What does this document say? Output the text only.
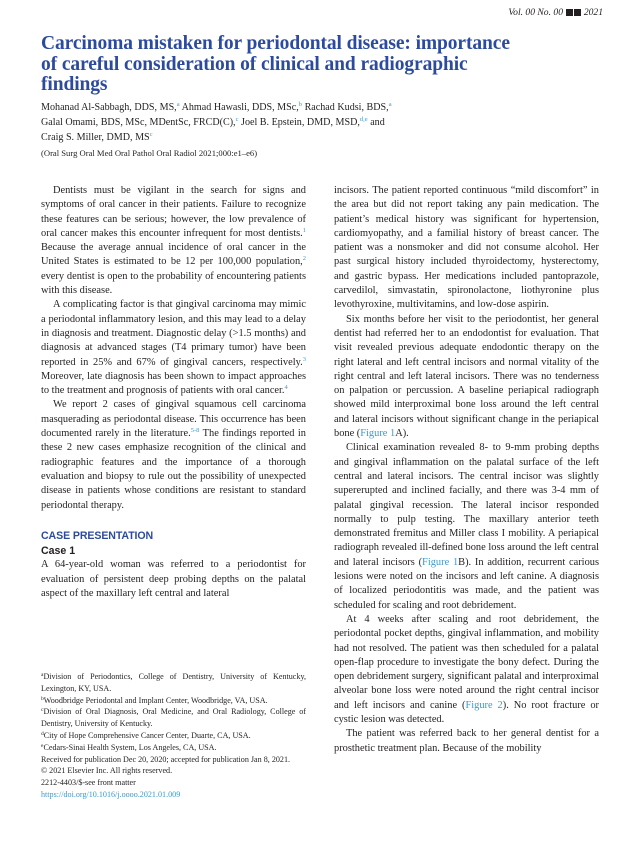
Vol. 00 No. 00 2021
Carcinoma mistaken for periodontal disease: importance of careful consideration of clinical and radiographic findings
Mohanad Al-Sabbagh, DDS, MS,$^a$ Ahmad Hawasli, DDS, MSc,$^b$ Rachad Kudsi, BDS,$^a$
Galal Omami, BDS, MSc, MDentSc, FRCD(C),$^c$ Joel B. Epstein, DMD, MSD,$^{d,e}$ and
Craig S. Miller, DMD, $MS^c$
(Oral Surg Oral Med Oral Pathol Oral Radiol 2021;000:e1–e6)

Dentists must be vigilant in the search for signs and symptoms of oral cancer in their patients. Failure to recognize these features can be serious; however, the low prevalence of oral cancer makes this encounter infrequent for most dentists.$^1$ Because the average annual incidence of oral cancer in the United States is estimated to be 12 per 100,000 population,$^2$ every dentist is open to the probability of encountering patients with this disease.

A complicating factor is that gingival carcinoma may mimic a periodontal inflammatory lesion, and this may lead to a delay in diagnosis and treatment. Diagnostic delay (>1.5 months) and diagnosis at advanced stages (T4 primary tumor) have been reported in 25% and 67% of gingival cancers, respectively.$^3$ Moreover, late diagnosis has been shown to impact approaches to the treatment and prognosis of patients with oral cancer.$^4$

We report 2 cases of gingival squamous cell carcinoma masquerading as periodontal disease. This occurrence has been documented rarely in the literature.$^{5-8}$ The findings reported in these 2 new cases emphasize recognition of the clinical and radiographic features and the importance of a thorough evaluation and biopsy to rule out the possibility of unexpected disease in patients whose conditions are resistant to standard periodontal therapy.

CASE PRESENTATION
Case 1

A 64-year-old woman was referred to a periodontist for evaluation of persistent deep probing depths on the palatal aspect of the maxillary left central and lateral

incisors. The patient reported continuous “mild discomfort” in the area but did not report taking any pain medication. The patient’s medical history was significant for hypertension, cardiomyopathy, and a familial history of breast cancer. The patient was a nonsmoker and did not consume alcohol. Her past surgical history included thyroidectomy, hysterectomy, and gastric bypass. Her medications included pantoprazole, carvedilol, simvastatin, spironolactone, liothyronine plus levothyroxine, multivitamins, and low-dose aspirin.

Six months before her visit to the periodontist, her general dentist had referred her to an endodontist for evaluation. That visit revealed previous adequate endodontic therapy on the right lateral and left central incisors and normal vitality of the right central and left lateral incisors. There was no tenderness on palpation or percussion. A baseline periapical radiograph showed mild interproximal bone loss around the left central and lateral incisors without significant change in the periapical bone (Figure 1A).

Clinical examination revealed 8- to 9-mm probing depths and gingival inflammation on the palatal surface of the left central and lateral incisors. The central incisor was slightly supererupted and inclined facially, and there was 3-4 mm of palatal gingival recession. The lateral incisor responded normally to pulp testing. The maxillary anterior teeth demonstrated fremitus and Miller class I mobility. A periapical radiograph revealed ill-defined bone loss around the left central and lateral incisors (Figure 1B). In addition, recurrent carious lesions were noted on the incisors and left canine. A diagnosis of localized periodontitis was made, and the patient was scheduled for scaling and root debridement.

At 4 weeks after scaling and root debridement, the periodontal pocket depths, gingival inflammation, and mobility had not resolved. The patient was then scheduled for a palatal open-flap procedure to investigate the bony defect. During the open debridement surgery, significant palatal and interproximal alveolar bone loss were noted around the right central incisor and left incisors and canine (Figure 2). No root fracture or cystic lesion was detected.

The patient was referred back to her general dentist for a prosthetic treatment plan. Because of the mobility

$^a$Division of Periodontics, College of Dentistry, University of Kentucky, Lexington, KY, USA.
$^b$Woodbridge Periodontal and Implant Center, Woodbridge, VA, USA.
$^c$Division of Oral Diagnosis, Oral Medicine, and Oral Radiology, College of Dentistry, University of Kentucky.
$^d$City of Hope Comprehensive Cancer Center, Duarte, CA, USA.
$^e$Cedars-Sinai Health System, Los Angeles, CA, USA.
Received for publication Dec 20, 2020; accepted for publication Jan 8, 2021.
© 2021 Elsevier Inc. All rights reserved.
2212-4403/$-see front matter
https://doi.org/10.1016/j.oooo.2021.01.009
